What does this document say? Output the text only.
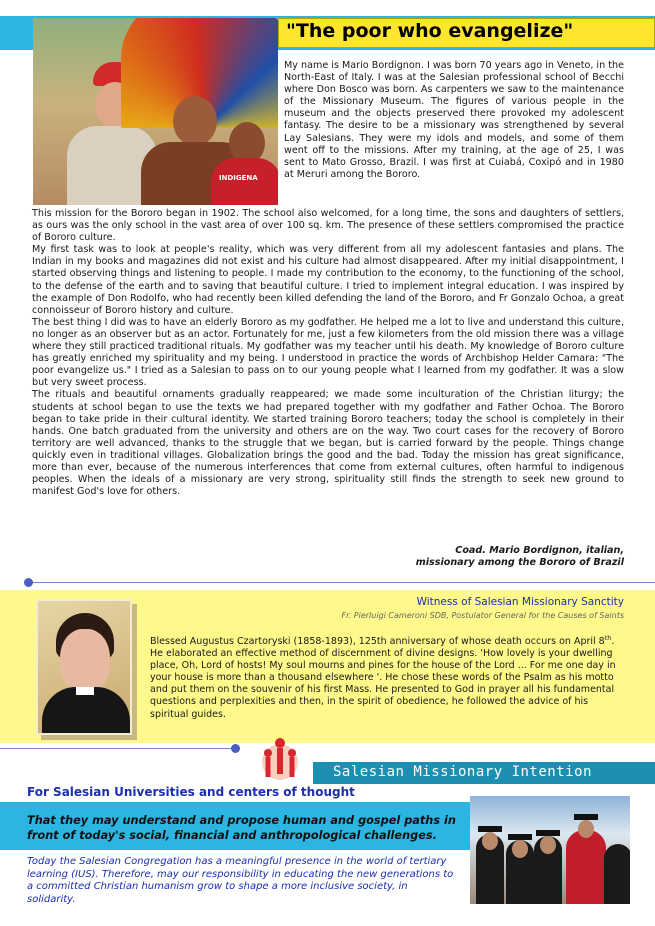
"The poor who evangelize"
INDIGENA
My name is Mario Bordignon. I was born 70 years ago in Veneto, in the North-East of Italy. I was at the Salesian professional school of Becchi where Don Bosco was born. As carpenters we saw to the maintenance of the Missionary Museum. The figures of various people in the museum and the objects preserved there provoked my adolescent fantasy. The desire to be a missionary was strengthened by several Lay Salesians. They were my idols and models, and some of them went off to the missions. After my training, at the age of 25, I was sent to Mato Grosso, Brazil. I was first at Cuiabá, Coxipó and in 1980 at Meruri among the Bororo.

This mission for the Bororo began in 1902. The school also welcomed, for a long time, the sons and daughters of settlers, as ours was the only school in the vast area of over 100 sq. km. The presence of these settlers compromised the practice of Bororo culture.

My first task was to look at people's reality, which was very different from all my adolescent fantasies and plans. The Indian in my books and magazines did not exist and his culture had almost disappeared. After my initial disappointment, I started observing things and listening to people. I made my contribution to the economy, to the functioning of the school, to the defense of the earth and to saving that beautiful culture. I tried to implement integral education. I was inspired by the example of Don Rodolfo, who had recently been killed defending the land of the Bororo, and Fr Gonzalo Ochoa, a great connoisseur of Bororo history and culture.

The best thing I did was to have an elderly Bororo as my godfather. He helped me a lot to live and understand this culture, no longer as an observer but as an actor. Fortunately for me, just a few kilometers from the old mission there was a village where they still practiced traditional rituals. My godfather was my teacher until his death. My knowledge of Bororo culture has greatly enriched my spirituality and my being. I understood in practice the words of Archbishop Helder Camara: "The poor evangelize us." I tried as a Salesian to pass on to our young people what I learned from my godfather. It was a slow but very sweet process.

The rituals and beautiful ornaments gradually reappeared; we made some inculturation of the Christian liturgy; the students at school began to use the texts we had prepared together with my godfather and Father Ochoa. The Bororo began to take pride in their cultural identity. We started training Bororo teachers; today the school is completely in their hands. One batch graduated from the university and others are on the way. Two court cases for the recovery of Bororo territory are well advanced, thanks to the struggle that we began, but is carried forward by the people. Things change quickly even in traditional villages. Globalization brings the good and the bad. Today the mission has great significance, more than ever, because of the numerous interferences that come from external cultures, often harmful to indigenous peoples. When the ideals of a missionary are very strong, spirituality still finds the strength to seek new ground to manifest God's love for others.

Coad. Mario Bordignon, italian,
missionary among the Bororo of Brazil
Witness of Salesian Missionary Sanctity
Fr. Pierluigi Cameroni SDB, Postulator General for the Causes of Saints
Blessed Augustus Czartoryski (1858-1893), 125th anniversary of whose death occurs on April 8th. He elaborated an effective method of discernment of divine designs. 'How lovely is your dwelling place, Oh, Lord of hosts! My soul mourns and pines for the house of the Lord ... For me one day in your house is more than a thousand elsewhere '. He chose these words of the Psalm as his motto and put them on the souvenir of his first Mass. He presented to God in prayer all his fundamental questions and perplexities and then, in the spirit of obedience, he followed the advice of his spiritual guides.
Salesian Missionary Intention
For Salesian Universities and centers of thought
That they may understand and propose human and gospel paths in front of today's social, financial and anthropological challenges.
Today the Salesian Congregation has a meaningful presence in the world of tertiary learning (IUS). Therefore, may our responsibility in educating the new generations to a committed Christian humanism grow to shape a more inclusive society, in solidarity.
